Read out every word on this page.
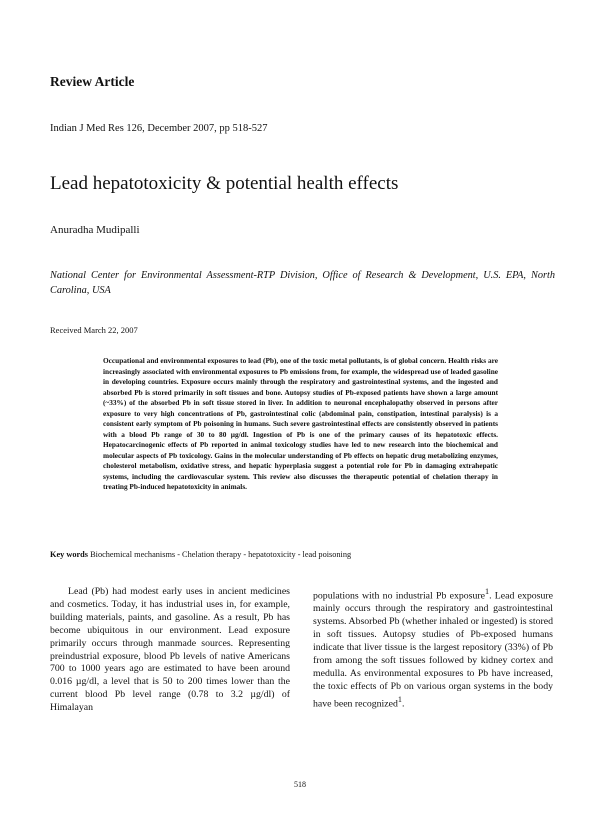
Review Article
Indian J Med Res 126, December 2007, pp 518-527
Lead hepatotoxicity & potential health effects
Anuradha Mudipalli
National Center for Environmental Assessment-RTP Division, Office of Research & Development, U.S. EPA, North Carolina, USA
Received March 22, 2007
Occupational and environmental exposures to lead (Pb), one of the toxic metal pollutants, is of global concern. Health risks are increasingly associated with environmental exposures to Pb emissions from, for example, the widespread use of leaded gasoline in developing countries. Exposure occurs mainly through the respiratory and gastrointestinal systems, and the ingested and absorbed Pb is stored primarily in soft tissues and bone. Autopsy studies of Pb-exposed patients have shown a large amount (~33%) of the absorbed Pb in soft tissue stored in liver. In addition to neuronal encephalopathy observed in persons after exposure to very high concentrations of Pb, gastrointestinal colic (abdominal pain, constipation, intestinal paralysis) is a consistent early symptom of Pb poisoning in humans. Such severe gastrointestinal effects are consistently observed in patients with a blood Pb range of 30 to 80 µg/dl. Ingestion of Pb is one of the primary causes of its hepatotoxic effects. Hepatocarcinogenic effects of Pb reported in animal toxicology studies have led to new research into the biochemical and molecular aspects of Pb toxicology. Gains in the molecular understanding of Pb effects on hepatic drug metabolizing enzymes, cholesterol metabolism, oxidative stress, and hepatic hyperplasia suggest a potential role for Pb in damaging extrahepatic systems, including the cardiovascular system. This review also discusses the therapeutic potential of chelation therapy in treating Pb-induced hepatotoxicity in animals.
Key words Biochemical mechanisms - Chelation therapy - hepatotoxicity - lead poisoning

Lead (Pb) had modest early uses in ancient medicines and cosmetics. Today, it has industrial uses in, for example, building materials, paints, and gasoline. As a result, Pb has become ubiquitous in our environment. Lead exposure primarily occurs through manmade sources. Representing preindustrial exposure, blood Pb levels of native Americans 700 to 1000 years ago are estimated to have been around 0.016 µg/dl, a level that is 50 to 200 times lower than the current blood Pb level range (0.78 to 3.2 µg/dl) of Himalayan

populations with no industrial Pb exposure$^1$. Lead exposure mainly occurs through the respiratory and gastrointestinal systems. Absorbed Pb (whether inhaled or ingested) is stored in soft tissues. Autopsy studies of Pb-exposed humans indicate that liver tissue is the largest repository (33%) of Pb from among the soft tissues followed by kidney cortex and medulla. As environmental exposures to Pb have increased, the toxic effects of Pb on various organ systems in the body have been recognized$^1$.

518
